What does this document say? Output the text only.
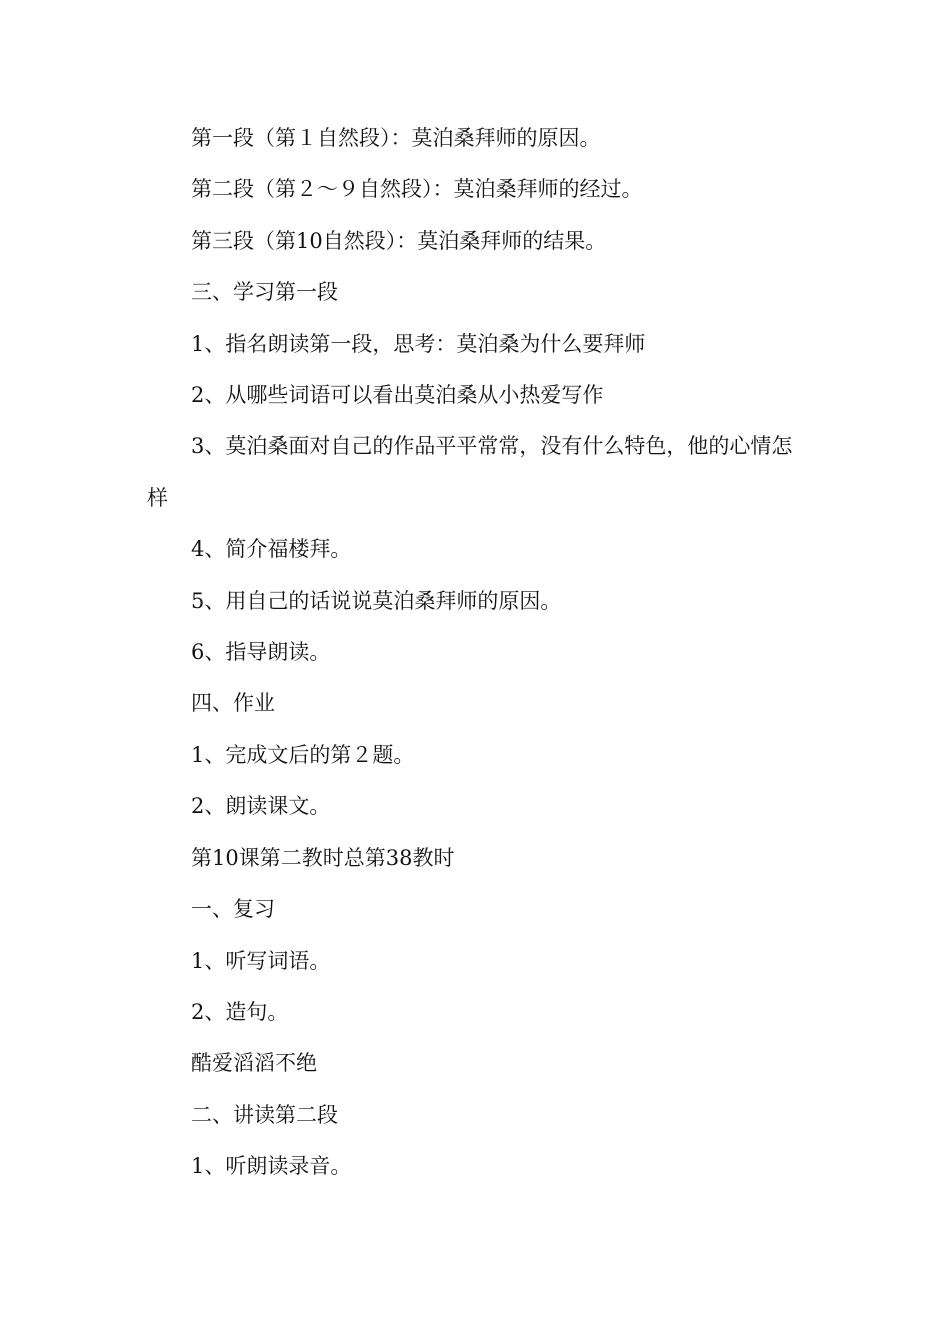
第一段（第１自然段）：莫泊桑拜师的原因。

第二段（第２～９自然段）：莫泊桑拜师的经过。

第三段（第10自然段）：莫泊桑拜师的结果。

三、学习第一段

1、指名朗读第一段，思考：莫泊桑为什么要拜师

2、从哪些词语可以看出莫泊桑从小热爱写作

3、莫泊桑面对自己的作品平平常常，没有什么特色，他的心情怎样

4、简介福楼拜。

5、用自己的话说说莫泊桑拜师的原因。

6、指导朗读。

四、作业

1、完成文后的第２题。

2、朗读课文。

第10课第二教时总第38教时

一、复习

1、听写词语。

2、造句。

酷爱滔滔不绝

二、讲读第二段

1、听朗读录音。
